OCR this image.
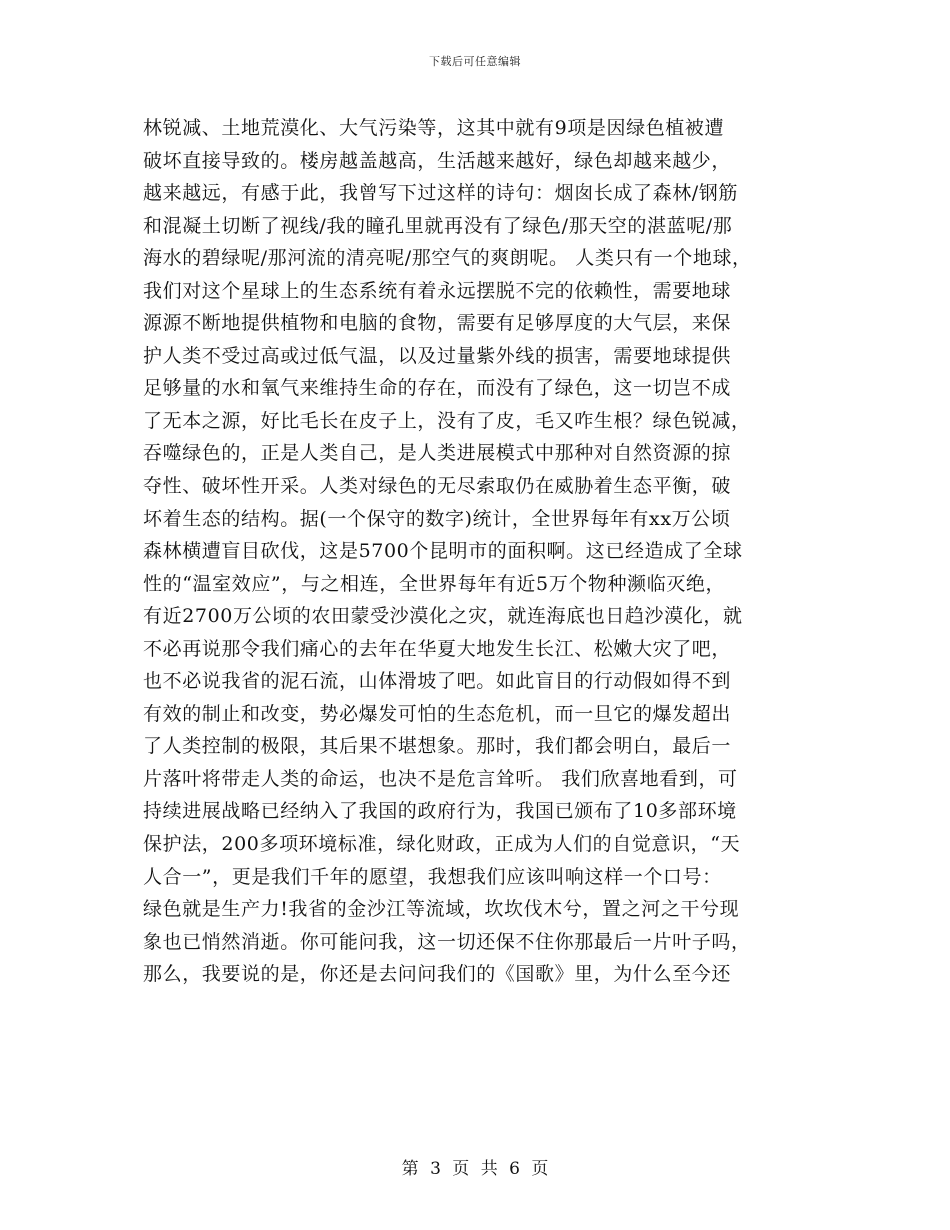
下载后可任意编辑
林锐减、土地荒漠化、大气污染等，这其中就有9项是因绿色植被遭
破坏直接导致的。楼房越盖越高，生活越来越好，绿色却越来越少，
越来越远，有感于此，我曾写下过这样的诗句：烟囱长成了森林/钢筋
和混凝土切断了视线/我的瞳孔里就再没有了绿色/那天空的湛蓝呢/那
海水的碧绿呢/那河流的清亮呢/那空气的爽朗呢。 人类只有一个地球，
我们对这个星球上的生态系统有着永远摆脱不完的依赖性，需要地球
源源不断地提供植物和电脑的食物，需要有足够厚度的大气层，来保
护人类不受过高或过低气温，以及过量紫外线的损害，需要地球提供
足够量的水和氧气来维持生命的存在，而没有了绿色，这一切岂不成
了无本之源，好比毛长在皮子上，没有了皮，毛又咋生根？绿色锐减，
吞噬绿色的，正是人类自己，是人类进展模式中那种对自然资源的掠
夺性、破坏性开采。人类对绿色的无尽索取仍在威胁着生态平衡，破
坏着生态的结构。据(一个保守的数字)统计，全世界每年有xx万公顷
森林横遭盲目砍伐，这是5700个昆明市的面积啊。这已经造成了全球
性的“温室效应”，与之相连，全世界每年有近5万个物种濒临灭绝，
有近2700万公顷的农田蒙受沙漠化之灾，就连海底也日趋沙漠化，就
不必再说那令我们痛心的去年在华夏大地发生长江、松嫩大灾了吧，
也不必说我省的泥石流，山体滑坡了吧。如此盲目的行动假如得不到
有效的制止和改变，势必爆发可怕的生态危机，而一旦它的爆发超出
了人类控制的极限，其后果不堪想象。那时，我们都会明白，最后一
片落叶将带走人类的命运，也决不是危言耸听。 我们欣喜地看到，可
持续进展战略已经纳入了我国的政府行为，我国已颁布了10多部环境
保护法，200多项环境标准，绿化财政，正成为人们的自觉意识，“天
人合一”，更是我们千年的愿望，我想我们应该叫响这样一个口号：
绿色就是生产力!我省的金沙江等流域，坎坎伐木兮，置之河之干兮现
象也已悄然消逝。你可能问我，这一切还保不住你那最后一片叶子吗，
那么，我要说的是，你还是去问问我们的《国歌》里，为什么至今还
第 3 页 共 6 页
